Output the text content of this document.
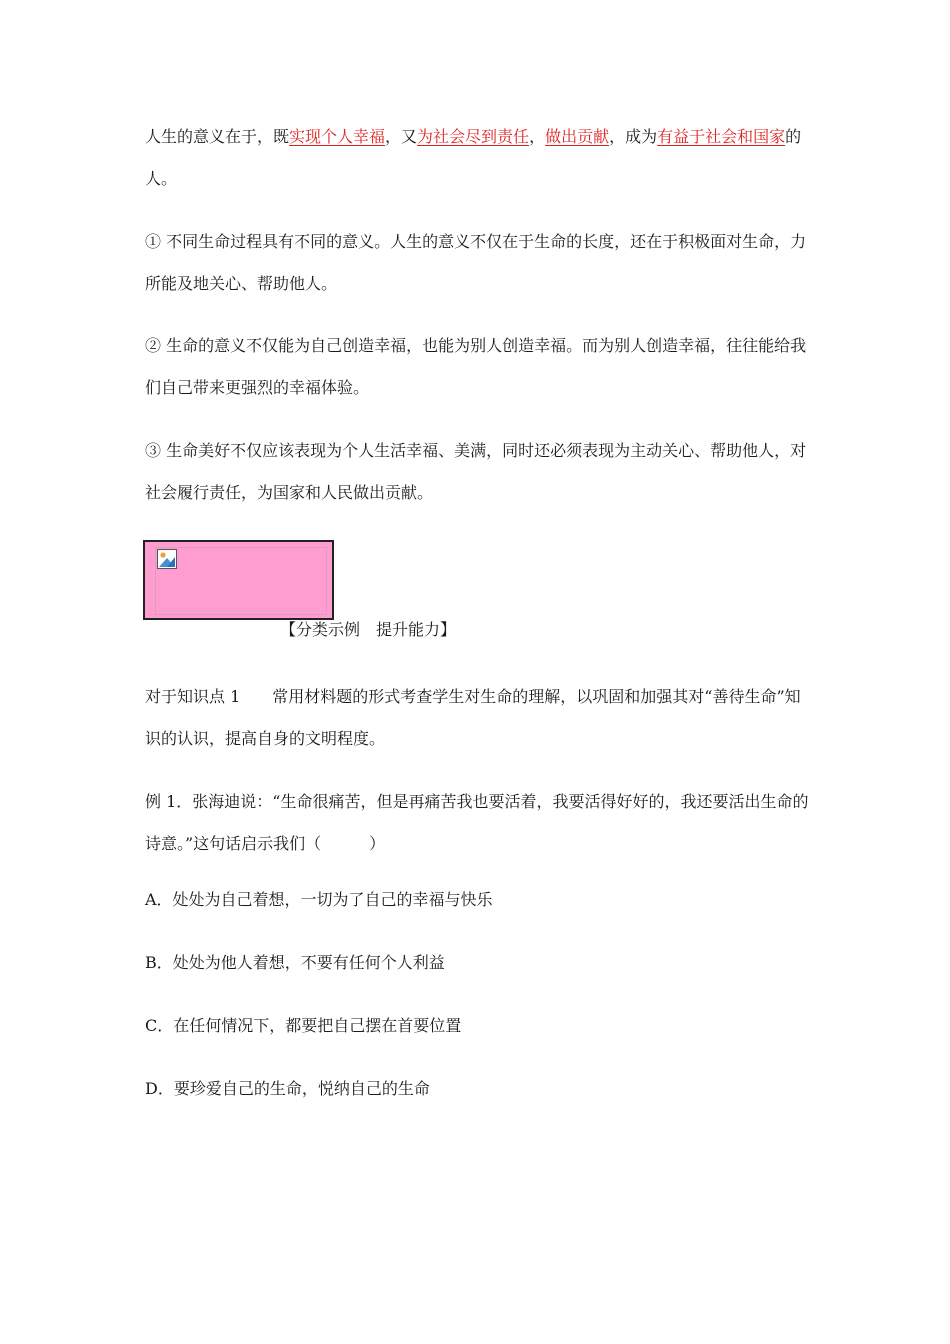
人生的意义在于，既实现个人幸福，又为社会尽到责任，做出贡献，成为有益于社会和国家的人。

① 不同生命过程具有不同的意义。人生的意义不仅在于生命的长度，还在于积极面对生命，力所能及地关心、帮助他人。

② 生命的意义不仅能为自己创造幸福，也能为别人创造幸福。而为别人创造幸福，往往能给我们自己带来更强烈的幸福体验。

③ 生命美好不仅应该表现为个人生活幸福、美满，同时还必须表现为主动关心、帮助他人，对社会履行责任，为国家和人民做出贡献。

【分类示例　提升能力】

对于知识点 1　　常用材料题的形式考查学生对生命的理解，以巩固和加强其对“善待生命”知识的认识，提高自身的文明程度。

例 1．张海迪说：“生命很痛苦，但是再痛苦我也要活着，我要活得好好的，我还要活出生命的诗意。”这句话启示我们（　　　）

A．处处为自己着想，一切为了自己的幸福与快乐

B．处处为他人着想，不要有任何个人利益

C．在任何情况下，都要把自己摆在首要位置

D．要珍爱自己的生命，悦纳自己的生命
